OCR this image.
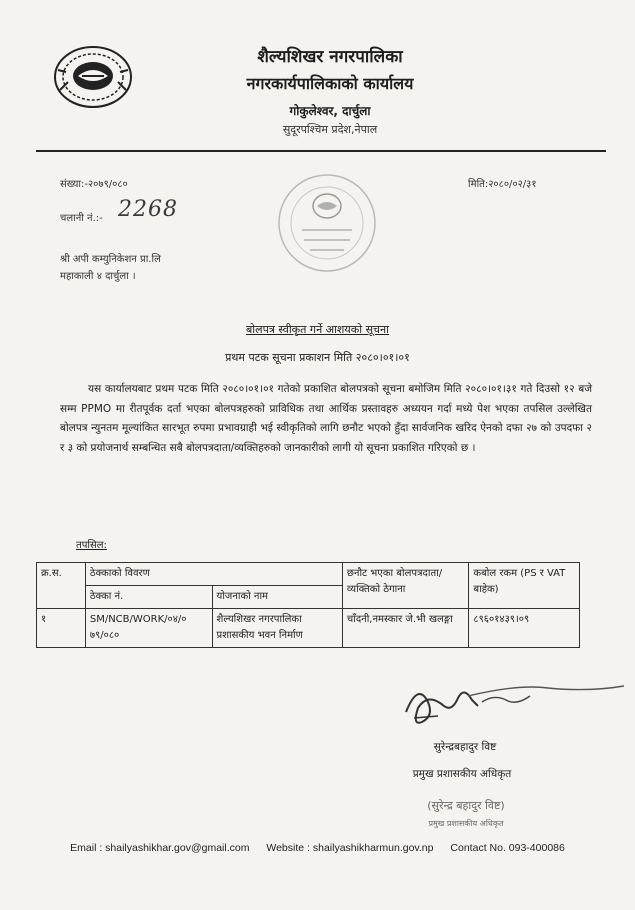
शैल्यशिखर नगरपालिका
नगरकार्यपालिकाको कार्यालय
गोकुलेश्वर, दार्चुला
सुदूरपश्चिम प्रदेश,नेपाल
संख्या:-२०७९/०८०	मिति:२०८०/०२/३१
चलानी नं.:- 2268
श्री अपी कम्युनिकेशन प्रा.लि
महाकाली ४ दार्चुला ।
बोलपत्र स्वीकृत गर्ने आशयको सूचना
प्रथम पटक सूचना प्रकाशन मिति २०८०।०१।०१
यस कार्यालयबाट प्रथम पटक मिति २०८०।०१।०१ गतेको प्रकाशित बोलपत्रको सूचना बमोजिम मिति २०८०।०१।३१ गते दिउसो १२ बजे सम्म PPMO मा रीतपूर्वक दर्ता भएका बोलपत्रहरुको प्राविधिक तथा आर्थिक प्रस्तावहरु अध्ययन गर्दा मध्ये पेश भएका तपसिल उल्लेखित बोलपत्र न्युनतम मूल्यांकित सारभूत रुपमा प्रभावग्राही भई स्वीकृतिको लागि छनौट भएको हुँदा सार्वजनिक खरिद ऐनको दफा २७ को उपदफा २ र ३ को प्रयोजनार्थ सम्बन्धित सबै बोलपत्रदाता/व्यक्तिहरुको जानकारीको लागी यो सूचना प्रकाशित गरिएको छ ।
तपसिल:
क्र.स.	ठेक्काको विवरण		छनौट भएका बोलपत्रदाता/व्यक्तिको ठेगाना	कबोल रकम (PS र VAT बाहेक)
	ठेक्का नं.	योजनाको नाम		
१	SM/NCB/WORK/०४/० ७९/०८०	शैल्यशिखर नगरपालिका प्रशासकीय भवन निर्माण	चाँदनी,नमस्कार जे.भी खलङ्गा	८९६०१४३९।०९
सुरेन्द्रबहादुर विष्ट
प्रमुख प्रशासकीय अधिकृत
(सुरेन्द्र बहादुर विष्ट)
प्रमुख प्रशासकीय अधिकृत
Email : shailyashikhar.gov@gmail.com Website : shailyashikharmun.gov.np Contact No. 093-400086
